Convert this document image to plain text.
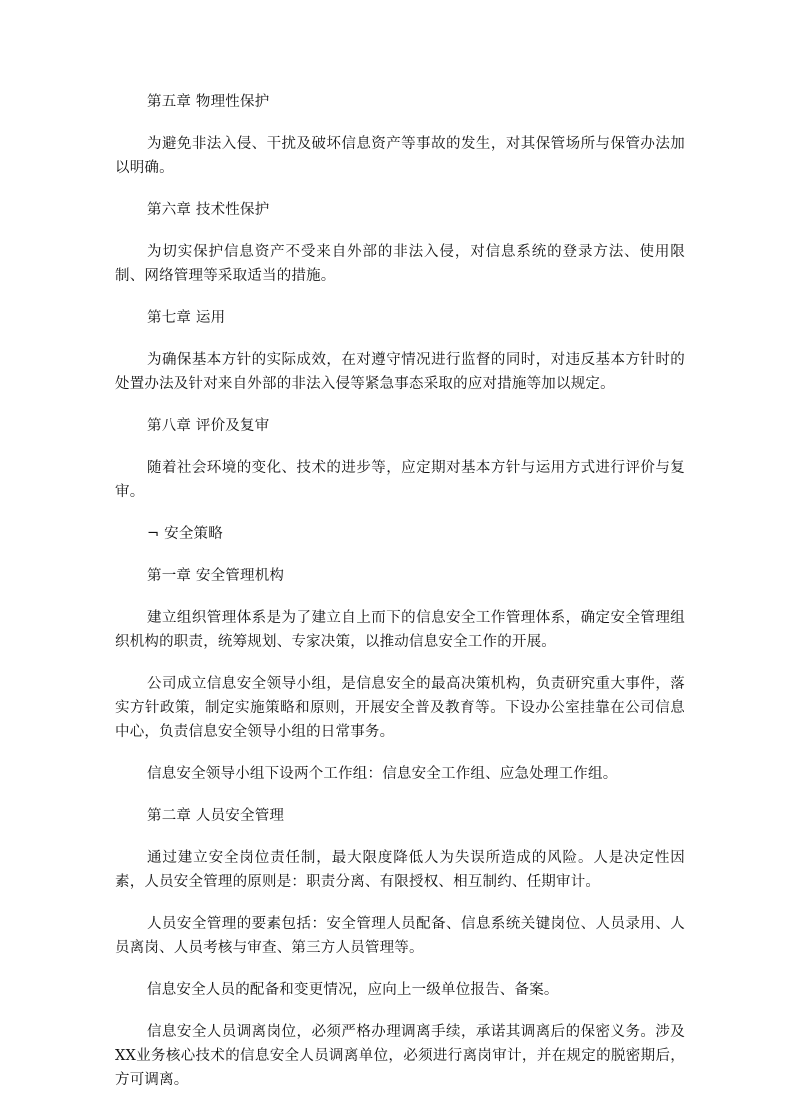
第五章 物理性保护
为避免非法入侵、干扰及破坏信息资产等事故的发生，对其保管场所与保管办法加以明确。
第六章 技术性保护
为切实保护信息资产不受来自外部的非法入侵，对信息系统的登录方法、使用限制、网络管理等采取适当的措施。
第七章 运用
为确保基本方针的实际成效，在对遵守情况进行监督的同时，对违反基本方针时的处置办法及针对来自外部的非法入侵等紧急事态采取的应对措施等加以规定。
第八章 评价及复审
随着社会环境的变化、技术的进步等，应定期对基本方针与运用方式进行评价与复审。
¬ 安全策略
第一章 安全管理机构
建立组织管理体系是为了建立自上而下的信息安全工作管理体系，确定安全管理组织机构的职责，统筹规划、专家决策，以推动信息安全工作的开展。
公司成立信息安全领导小组，是信息安全的最高决策机构，负责研究重大事件，落实方针政策，制定实施策略和原则，开展安全普及教育等。下设办公室挂靠在公司信息中心，负责信息安全领导小组的日常事务。
信息安全领导小组下设两个工作组：信息安全工作组、应急处理工作组。
第二章 人员安全管理
通过建立安全岗位责任制，最大限度降低人为失误所造成的风险。人是决定性因素，人员安全管理的原则是：职责分离、有限授权、相互制约、任期审计。
人员安全管理的要素包括：安全管理人员配备、信息系统关键岗位、人员录用、人员离岗、人员考核与审查、第三方人员管理等。
信息安全人员的配备和变更情况，应向上一级单位报告、备案。
信息安全人员调离岗位，必须严格办理调离手续，承诺其调离后的保密义务。涉及XX业务核心技术的信息安全人员调离单位，必须进行离岗审计，并在规定的脱密期后，方可调离。
